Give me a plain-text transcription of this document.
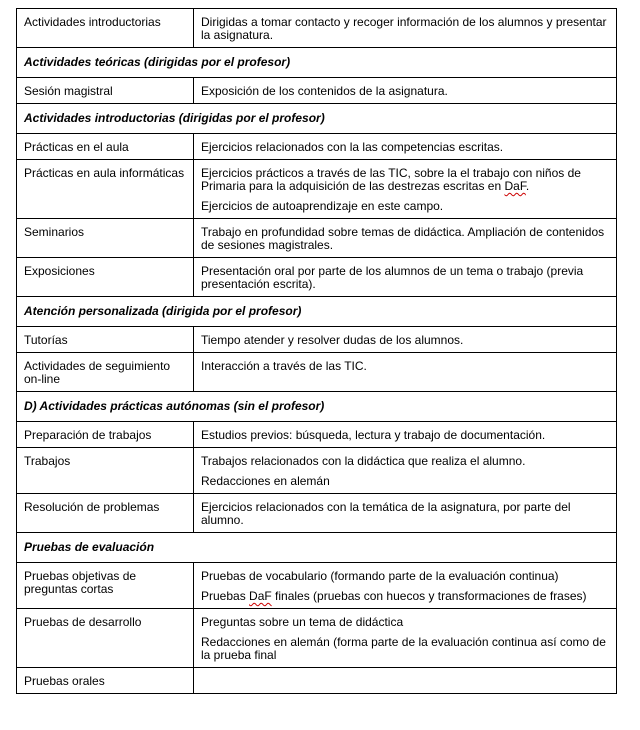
Actividades introductorias	Dirigidas a tomar contacto y recoger información de los alumnos y presentar la asignatura.

Actividades teóricas (dirigidas por el profesor)	
Sesión magistral	Exposición de los contenidos de la asignatura.

Actividades introductorias (dirigidas por el profesor)	
Prácticas en el aula	Ejercicios relacionados con la las competencias escritas.

Prácticas en aula informáticas	Ejercicios prácticos a través de las TIC, sobre la el trabajo con niños de Primaria para la adquisición de las destrezas escritas en DaF.

Ejercicios de autoaprendizaje en este campo.

Seminarios	Trabajo en profundidad sobre temas de didáctica. Ampliación de contenidos de sesiones magistrales.

Exposiciones	Presentación oral por parte de los alumnos de un tema o trabajo (previa presentación escrita).

Atención personalizada (dirigida por el profesor)	
Tutorías	Tiempo atender y resolver dudas de los alumnos.

Actividades de seguimiento on-line	Interacción a través de las TIC.

D) Actividades prácticas autónomas (sin el profesor)	
Preparación de trabajos	Estudios previos: búsqueda, lectura y trabajo de documentación.

Trabajos	Trabajos relacionados con la didáctica que realiza el alumno.

Redacciones en alemán

Resolución de problemas	Ejercicios relacionados con la temática de la asignatura, por parte del alumno.

Pruebas de evaluación	
Pruebas objetivas de preguntas cortas	Pruebas de vocabulario (formando parte de la evaluación continua)

Pruebas DaF finales (pruebas con huecos y transformaciones de frases)

Pruebas de desarrollo	Preguntas sobre un tema de didáctica

Redacciones en alemán (forma parte de la evaluación continua así como de la prueba final

Pruebas orales	
